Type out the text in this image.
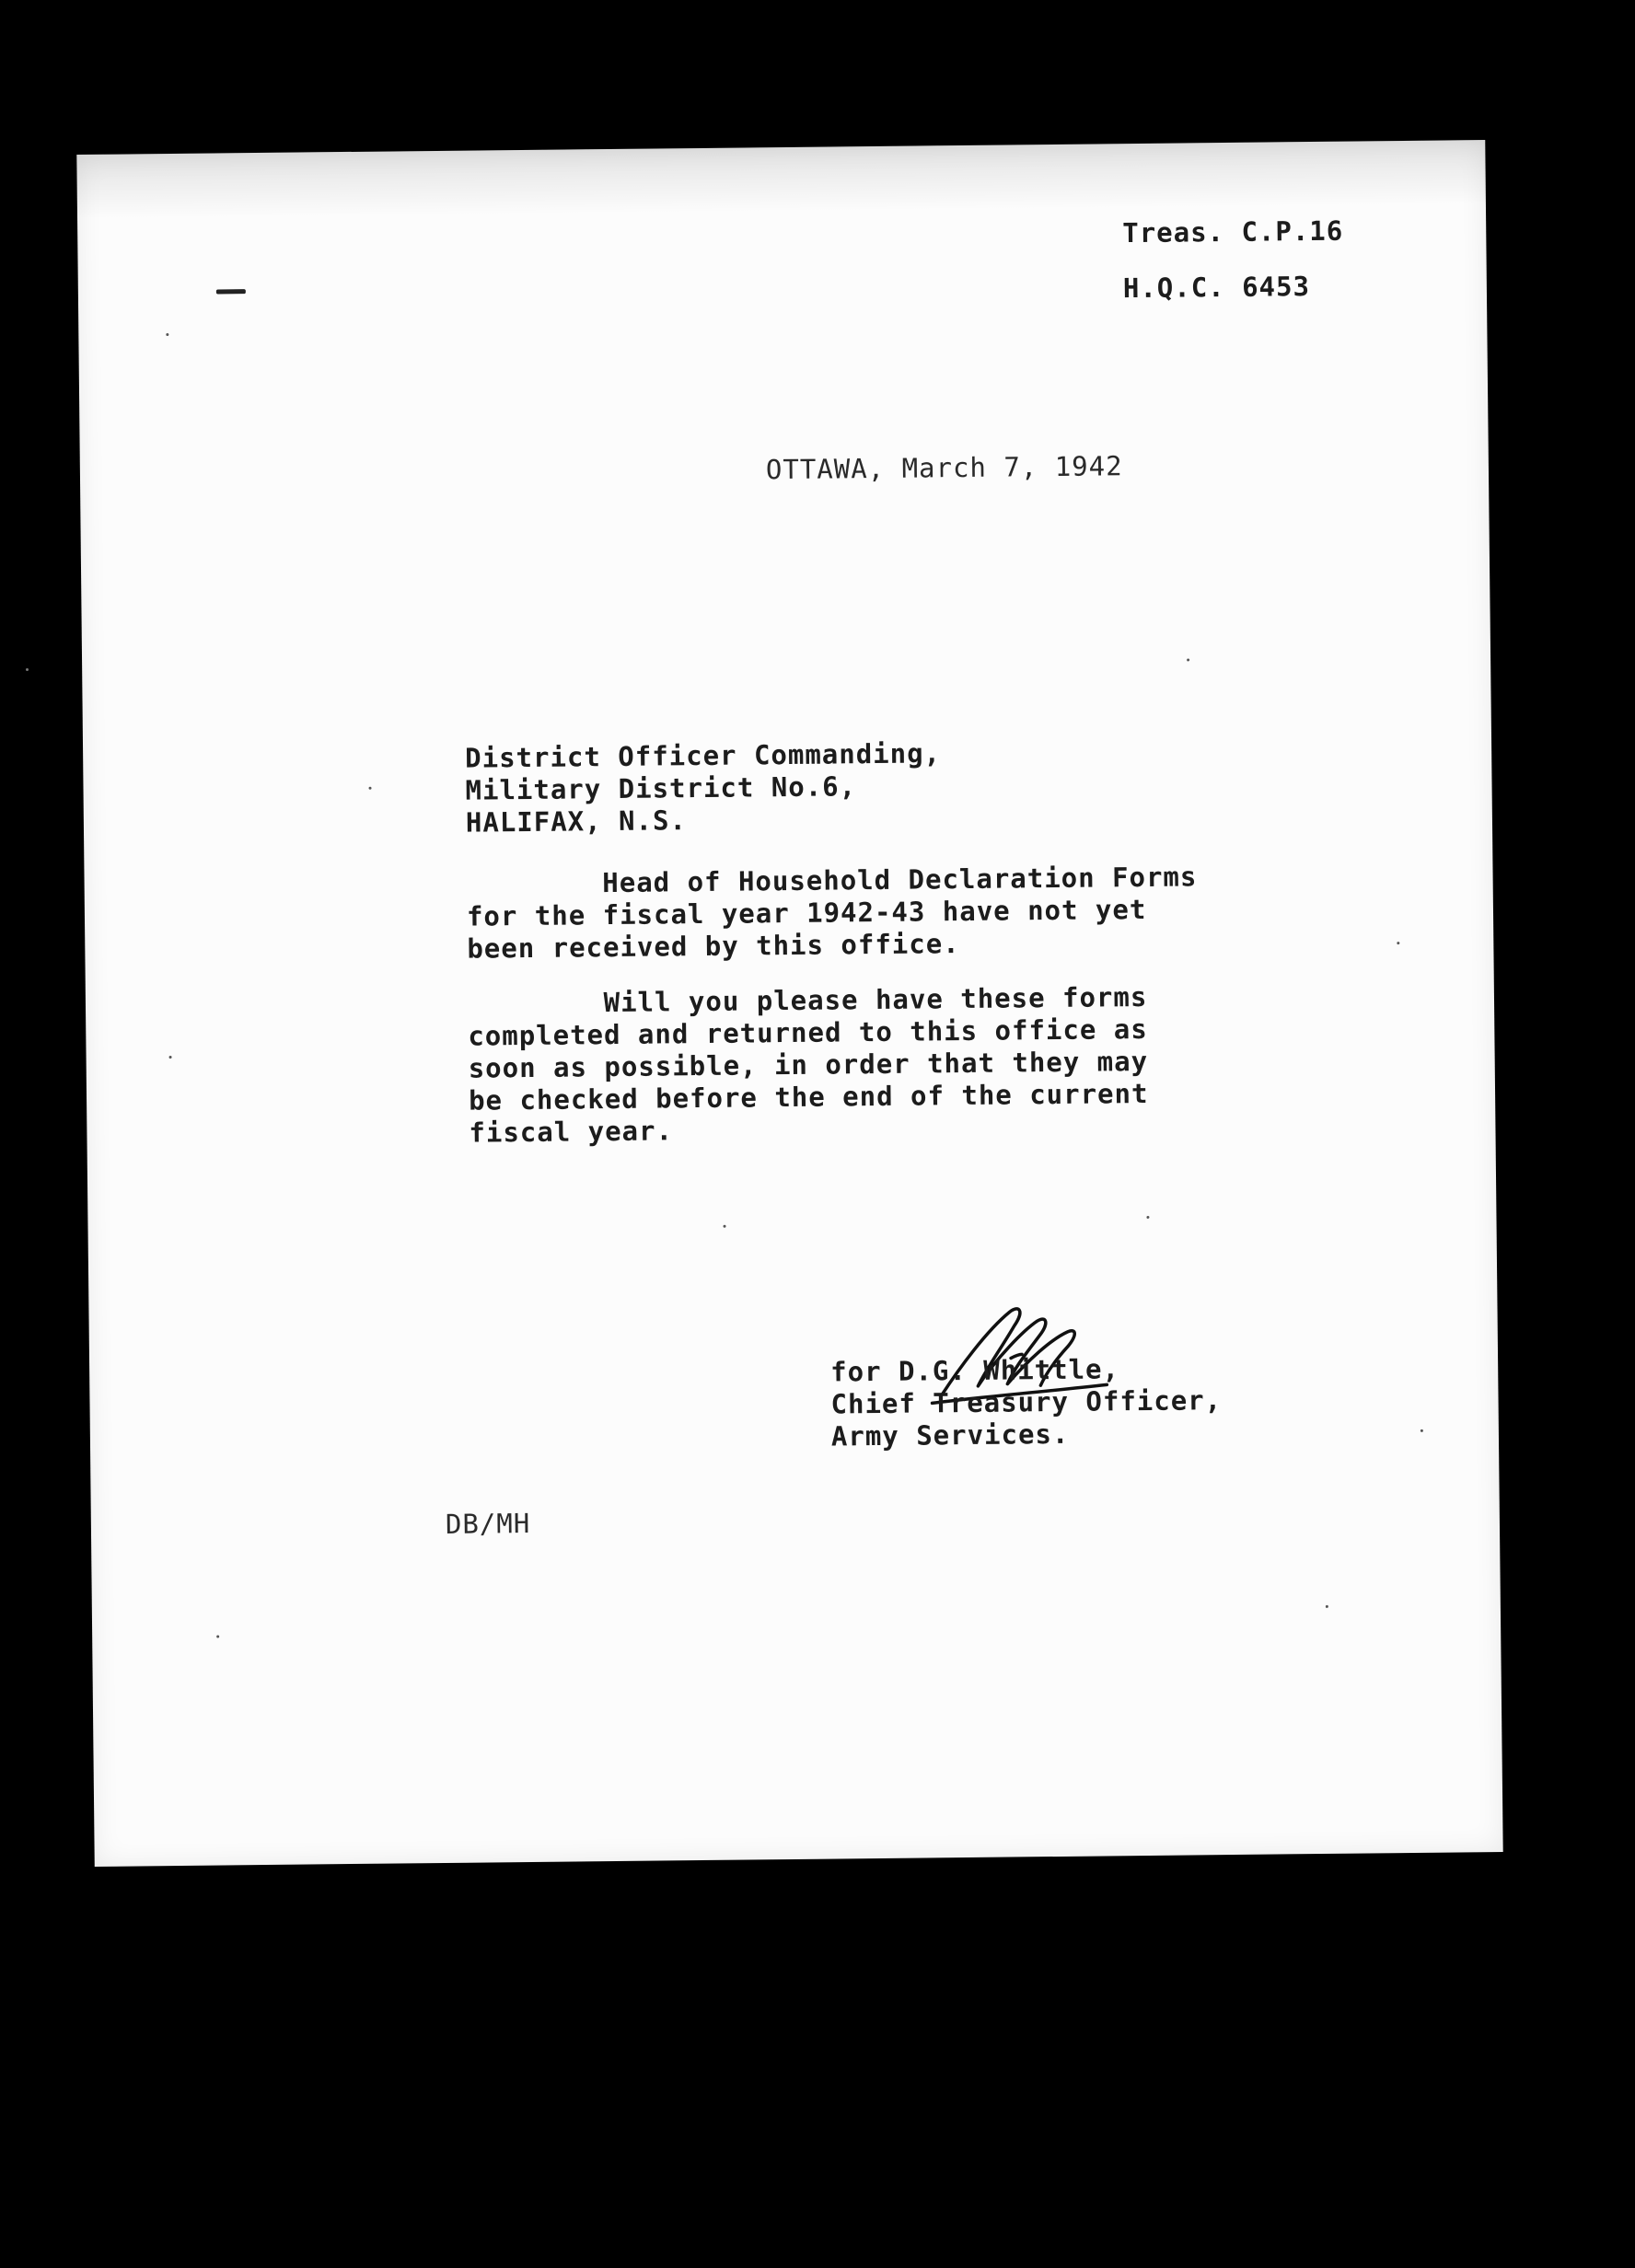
Treas. C.P.16

H.Q.C. 6453

OTTAWA, March 7, 1942

District Officer Commanding,
Military District No.6,
HALIFAX, N.S.
Head of Household Declaration Forms
for the fiscal year 1942-43 have not yet
been received by this office.
Will you please have these forms
completed and returned to this office as
soon as possible, in order that they may
be checked before the end of the current
fiscal year.
for D.G. Whittle,
Chief Treasury Officer,
Army Services.

DB/MH
